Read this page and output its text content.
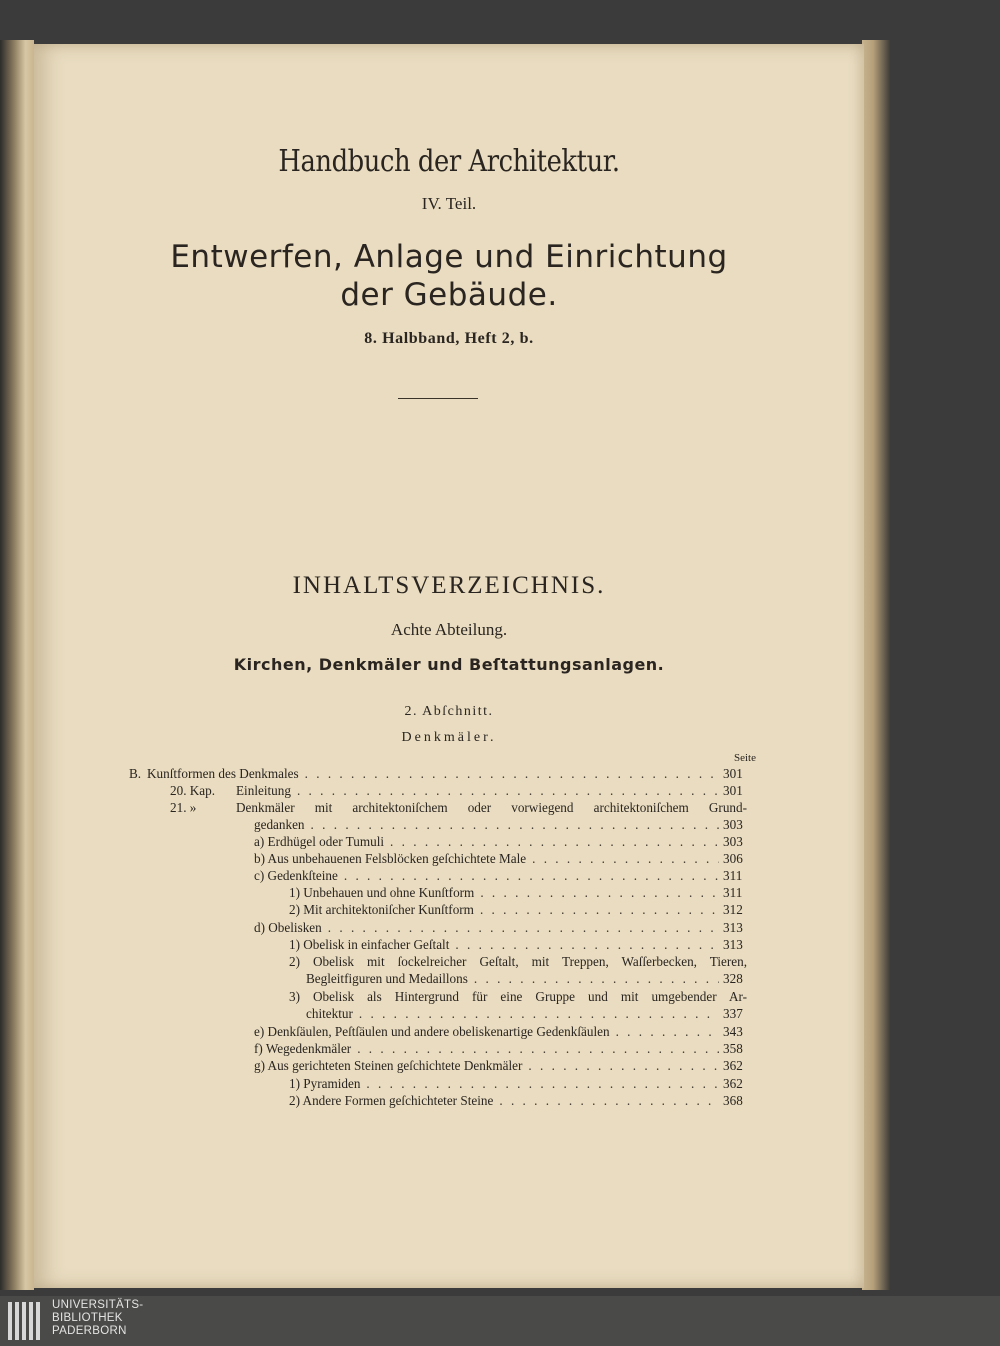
Handbuch der Architektur.
IV. Teil.
Entwerfen, Anlage und Einrichtung
der Gebäude.
8. Halbband, Heft 2, b.
INHALTSVERZEICHNIS.
Achte Abteilung.
Kirchen, Denkmäler und Beſtattungsanlagen.
2. Abſchnitt.
Denkmäler.
Seite
B. Kunſtformen des Denkmales . . .	301
20. Kap. Einleitung . . .	301
21. »	Denkmäler mit architektoniſchem oder vorwiegend architektoniſchem Grund-
gedanken . . .	303
a) Erdhügel oder Tumuli . . .	303
b) Aus unbehauenen Felsblöcken geſchichtete Male . . .	306
c) Gedenkſteine . . .	311
1) Unbehauen und ohne Kunſtform . . .	311
2) Mit architektoniſcher Kunſtform . . .	312
d) Obelisken . . .	313
1) Obelisk in einfacher Geſtalt . . .	313
2) Obelisk mit ſockelreicher Geſtalt, mit Treppen, Waſſerbecken, Tieren,
Begleitfiguren und Medaillons . . .	328
3) Obelisk als Hintergrund für eine Gruppe und mit umgebender Ar-
chitektur . . .	337
e) Denkſäulen, Peſtſäulen und andere obeliskenartige Gedenkſäulen . . .	343
f) Wegedenkmäler . . .	358
g) Aus gerichteten Steinen geſchichtete Denkmäler . . .	362
1) Pyramiden . . .	362
2) Andere Formen geſchichteter Steine . . .	368
UNIVERSITÄTS-
BIBLIOTHEK
PADERBORN
